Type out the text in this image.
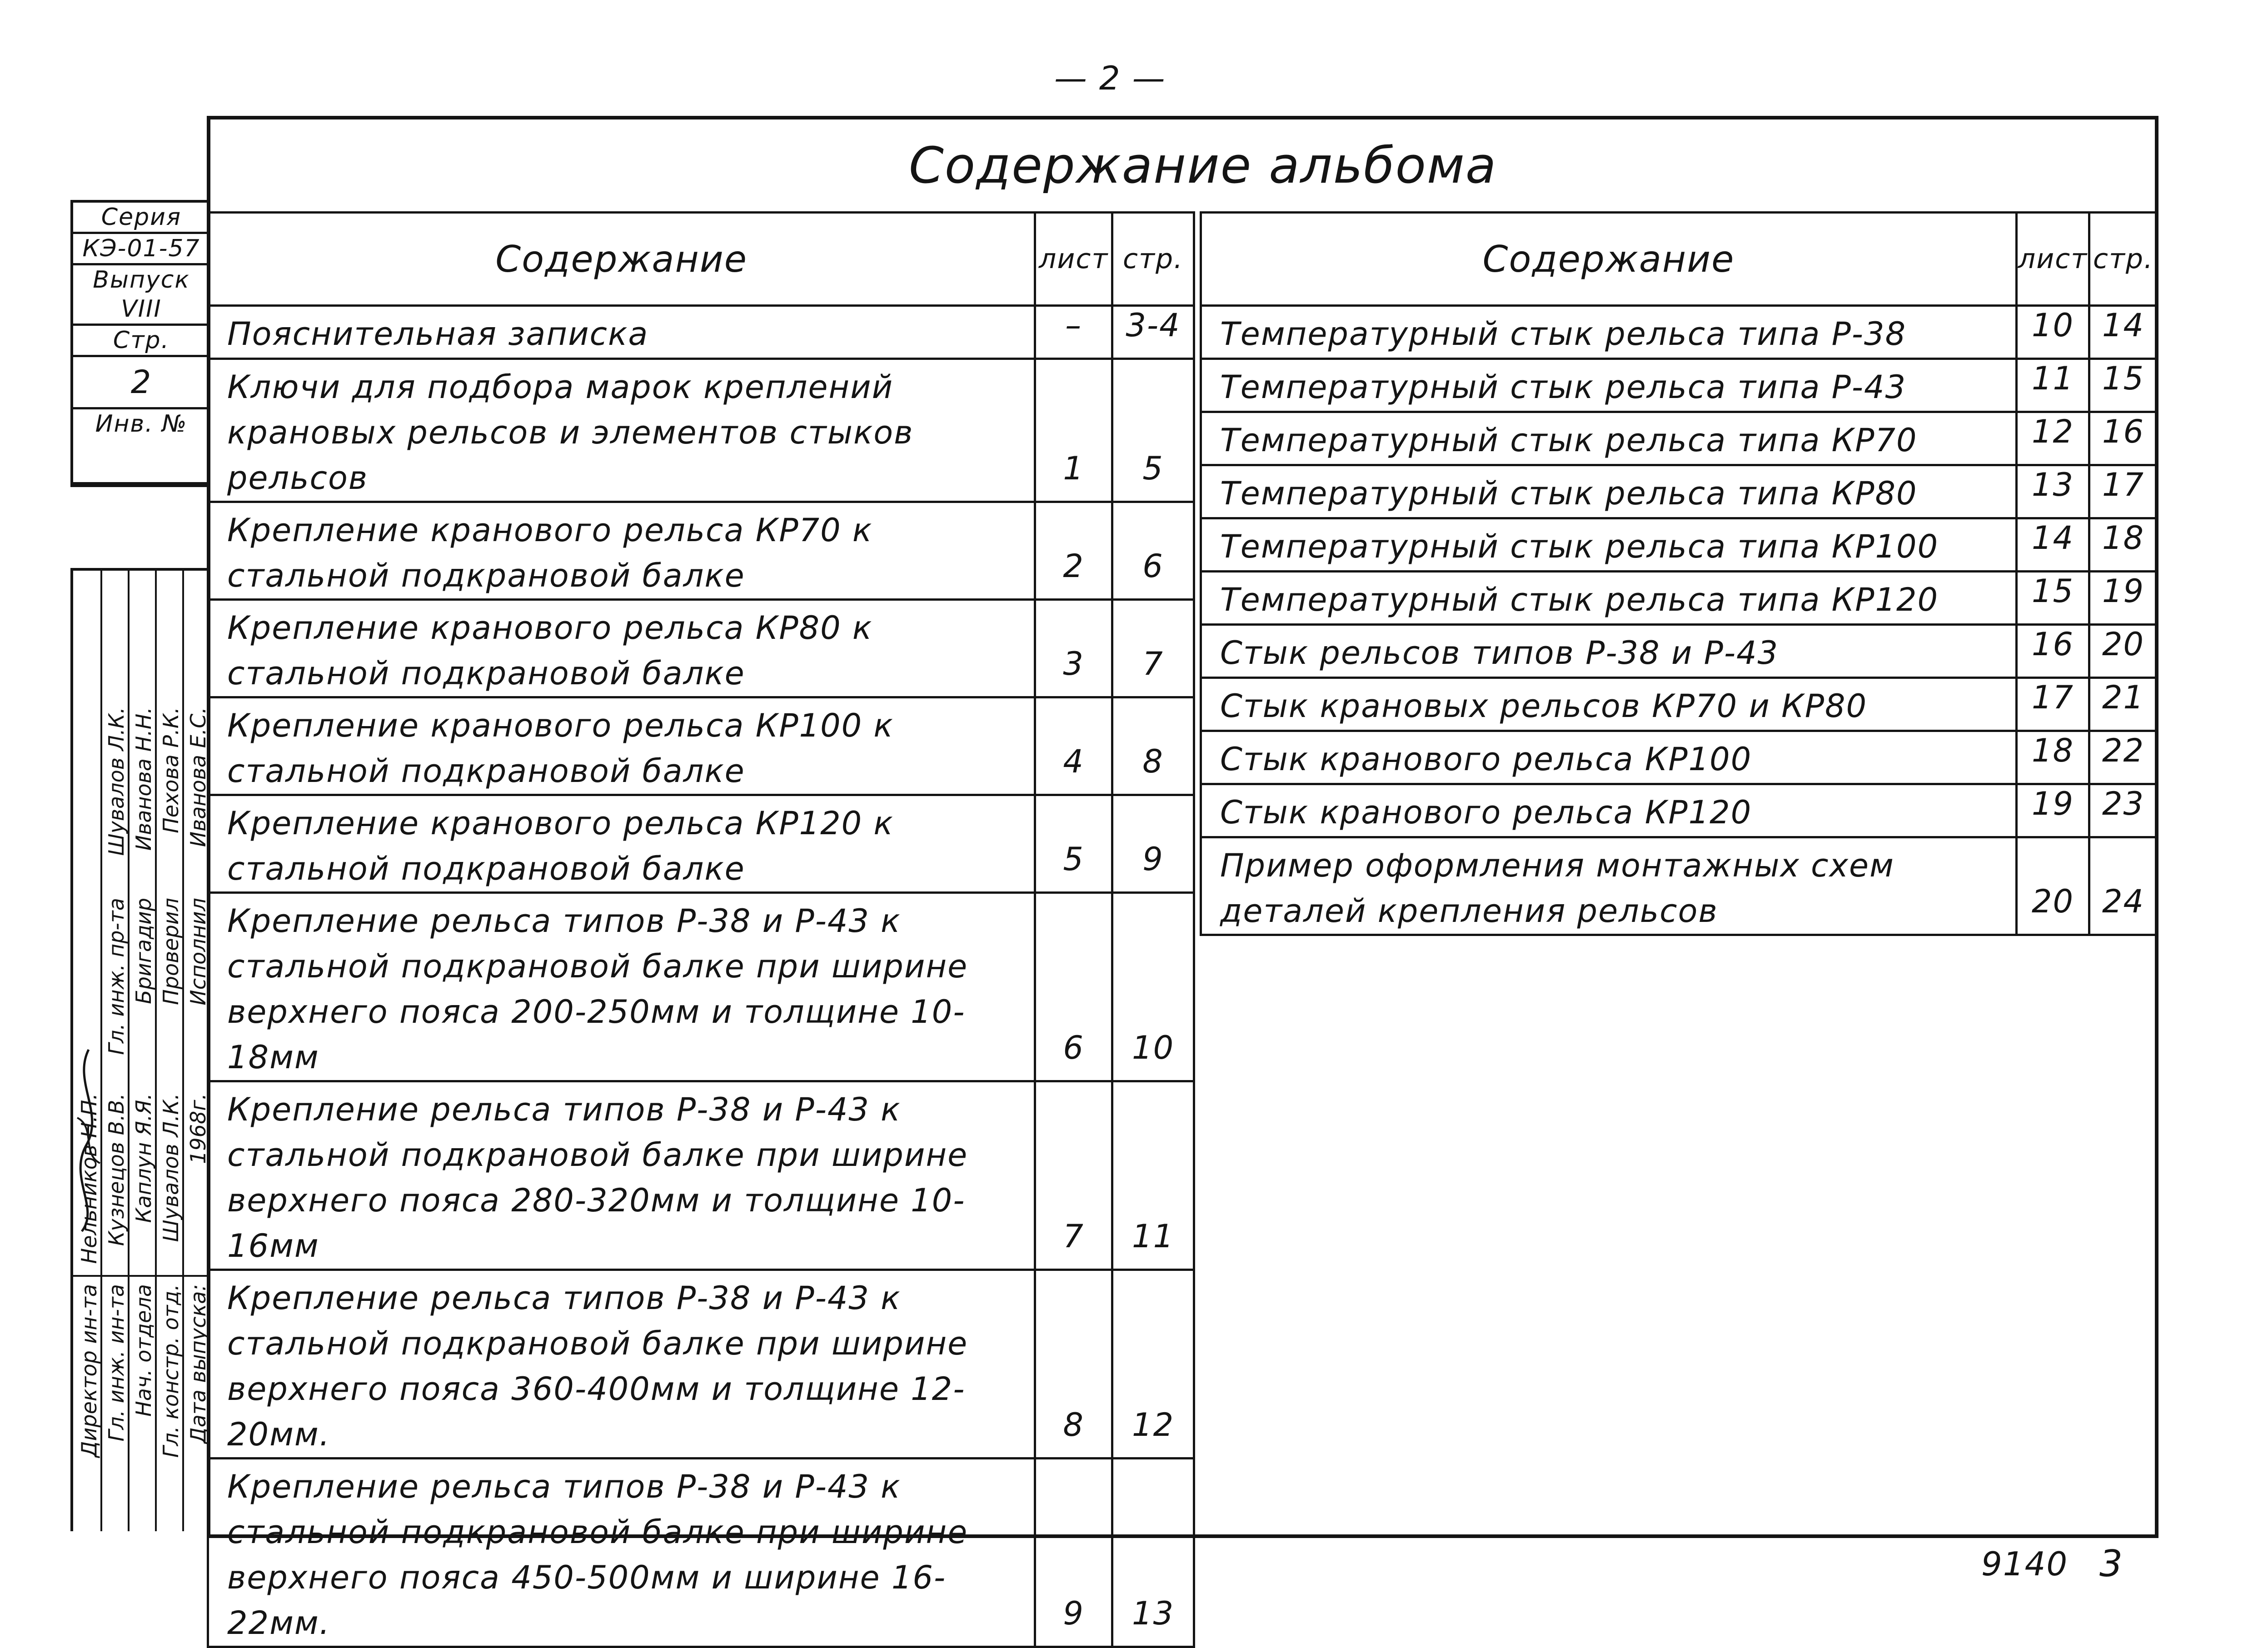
— 2 —
Содержание альбома
Содержание	лист	стр.
Пояснительная записка	–	3-4
Ключи для подбора марок креплений крановых рельсов и элементов стыков рельсов	1	5
Крепление кранового рельса КР70 к стальной подкрановой балке	2	6
Крепление кранового рельса КР80 к стальной подкрановой балке	3	7
Крепление кранового рельса КР100 к стальной подкрановой балке	4	8
Крепление кранового рельса КР120 к стальной подкрановой балке	5	9
Крепление рельса типов Р-38 и Р-43 к стальной подкрановой балке при ширине верхнего пояса 200-250мм и толщине 10-18мм	6	10
Крепление рельса типов Р-38 и Р-43 к стальной подкрановой балке при ширине верхнего пояса 280-320мм и толщине 10-16мм	7	11
Крепление рельса типов Р-38 и Р-43 к стальной подкрановой балке при ширине верхнего пояса 360-400мм и толщине 12-20мм.	8	12
Крепление рельса типов Р-38 и Р-43 к стальной подкрановой балке при ширине верхнего пояса 450-500мм и ширине 16-22мм.	9	13
Содержание	лист	стр.
Температурный стык рельса типа Р-38	10	14
Температурный стык рельса типа Р-43	11	15
Температурный стык рельса типа КР70	12	16
Температурный стык рельса типа КР80	13	17
Температурный стык рельса типа КР100	14	18
Температурный стык рельса типа КР120	15	19
Стык рельсов типов Р-38 и Р-43	16	20
Стык крановых рельсов КР70 и КР80	17	21
Стык кранового рельса КР100	18	22
Стык кранового рельса КР120	19	23
Пример оформления монтажных схем деталей крепления рельсов	20	24
Серия
КЭ-01-57
Выпуск VIII
Стр.
2
Инв. №
Директор ин-та Гл. инж. ин-та Нач. отдела Гл. констр. отд. Дата выпуска:
Нельников Н.П. Кузнецов В.В. Каплун Я.Я. Шувалов Л.К.
Гл. инж. пр-та Бригадир Проверил Исполнил
Шувалов Л.К. Иванова Н.Н. Пехова Р.К. Иванова Е.С.
1968г.
9140 3
